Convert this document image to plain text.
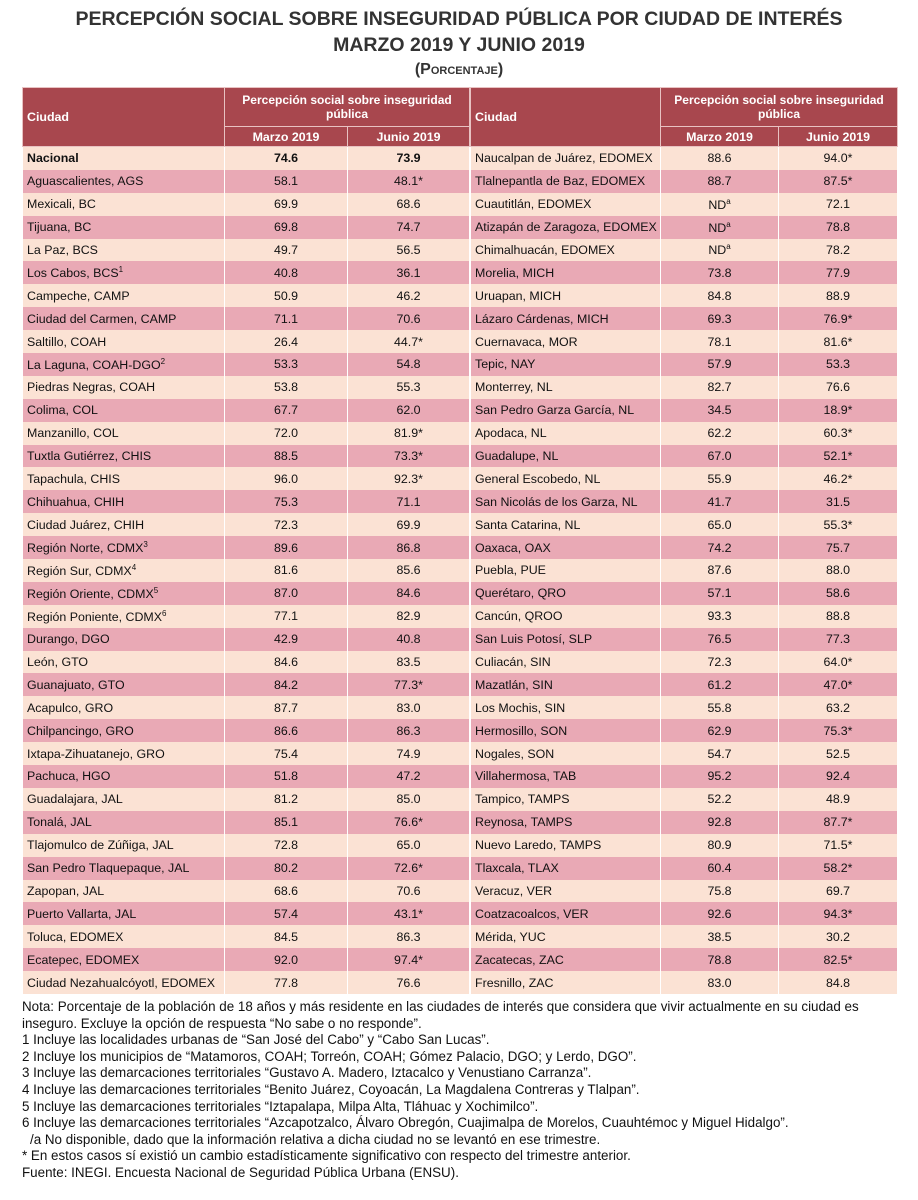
PERCEPCIÓN SOCIAL SOBRE INSEGURIDAD PÚBLICA POR CIUDAD DE INTERÉS
MARZO 2019 Y JUNIO 2019
(Porcentaje)
Ciudad	Percepción social sobre inseguridad pública	
	Marzo 2019	Junio 2019
Nacional	74.6	73.9
Aguascalientes, AGS	58.1	48.1*
Mexicali, BC	69.9	68.6
Tijuana, BC	69.8	74.7
La Paz, BCS	49.7	56.5
Los Cabos, BCS$^1$	40.8	36.1
Campeche, CAMP	50.9	46.2
Ciudad del Carmen, CAMP	71.1	70.6
Saltillo, COAH	26.4	44.7*
La Laguna, COAH-DGO$^2$	53.3	54.8
Piedras Negras, COAH	53.8	55.3
Colima, COL	67.7	62.0
Manzanillo, COL	72.0	81.9*
Tuxtla Gutiérrez, CHIS	88.5	73.3*
Tapachula, CHIS	96.0	92.3*
Chihuahua, CHIH	75.3	71.1
Ciudad Juárez, CHIH	72.3	69.9
Región Norte, CDMX$^3$	89.6	86.8
Región Sur, CDMX$^4$	81.6	85.6
Región Oriente, CDMX$^5$	87.0	84.6
Región Poniente, CDMX$^6$	77.1	82.9
Durango, DGO	42.9	40.8
León, GTO	84.6	83.5
Guanajuato, GTO	84.2	77.3*
Acapulco, GRO	87.7	83.0
Chilpancingo, GRO	86.6	86.3
Ixtapa-Zihuatanejo, GRO	75.4	74.9
Pachuca, HGO	51.8	47.2
Guadalajara, JAL	81.2	85.0
Tonalá, JAL	85.1	76.6*
Tlajomulco de Zúñiga, JAL	72.8	65.0
San Pedro Tlaquepaque, JAL	80.2	72.6*
Zapopan, JAL	68.6	70.6
Puerto Vallarta, JAL	57.4	43.1*
Toluca, EDOMEX	84.5	86.3
Ecatepec, EDOMEX	92.0	97.4*
Ciudad Nezahualcóyotl, EDOMEX	77.8	76.6
Ciudad	Percepción social sobre inseguridad pública	
	Marzo 2019	Junio 2019
Naucalpan de Juárez, EDOMEX	88.6	94.0*
Tlalnepantla de Baz, EDOMEX	88.7	87.5*
Cuautitlán, EDOMEX	$ND^a$	72.1
Atizapán de Zaragoza, EDOMEX	$ND^a$	78.8
Chimalhuacán, EDOMEX	$ND^a$	78.2
Morelia, MICH	73.8	77.9
Uruapan, MICH	84.8	88.9
Lázaro Cárdenas, MICH	69.3	76.9*
Cuernavaca, MOR	78.1	81.6*
Tepic, NAY	57.9	53.3
Monterrey, NL	82.7	76.6
San Pedro Garza García, NL	34.5	18.9*
Apodaca, NL	62.2	60.3*
Guadalupe, NL	67.0	52.1*
General Escobedo, NL	55.9	46.2*
San Nicolás de los Garza, NL	41.7	31.5
Santa Catarina, NL	65.0	55.3*
Oaxaca, OAX	74.2	75.7
Puebla, PUE	87.6	88.0
Querétaro, QRO	57.1	58.6
Cancún, QROO	93.3	88.8
San Luis Potosí, SLP	76.5	77.3
Culiacán, SIN	72.3	64.0*
Mazatlán, SIN	61.2	47.0*
Los Mochis, SIN	55.8	63.2
Hermosillo, SON	62.9	75.3*
Nogales, SON	54.7	52.5
Villahermosa, TAB	95.2	92.4
Tampico, TAMPS	52.2	48.9
Reynosa, TAMPS	92.8	87.7*
Nuevo Laredo, TAMPS	80.9	71.5*
Tlaxcala, TLAX	60.4	58.2*
Veracuz, VER	75.8	69.7
Coatzacoalcos, VER	92.6	94.3*
Mérida, YUC	38.5	30.2
Zacatecas, ZAC	78.8	82.5*
Fresnillo, ZAC	83.0	84.8
Nota: Porcentaje de la población de 18 años y más residente en las ciudades de interés que considera que vivir actualmente en su ciudad es inseguro. Excluye la opción de respuesta “No sabe o no responde”.
1 Incluye las localidades urbanas de “San José del Cabo” y “Cabo San Lucas”.
2 Incluye los municipios de “Matamoros, COAH; Torreón, COAH; Gómez Palacio, DGO; y Lerdo, DGO”.
3 Incluye las demarcaciones territoriales “Gustavo A. Madero, Iztacalco y Venustiano Carranza”.
4 Incluye las demarcaciones territoriales “Benito Juárez, Coyoacán, La Magdalena Contreras y Tlalpan”.
5 Incluye las demarcaciones territoriales “Iztapalapa, Milpa Alta, Tláhuac y Xochimilco”.
6 Incluye las demarcaciones territoriales “Azcapotzalco, Álvaro Obregón, Cuajimalpa de Morelos, Cuauhtémoc y Miguel Hidalgo”.
/a No disponible, dado que la información relativa a dicha ciudad no se levantó en ese trimestre.
* En estos casos sí existió un cambio estadísticamente significativo con respecto del trimestre anterior.
Fuente: INEGI. Encuesta Nacional de Seguridad Pública Urbana (ENSU).
